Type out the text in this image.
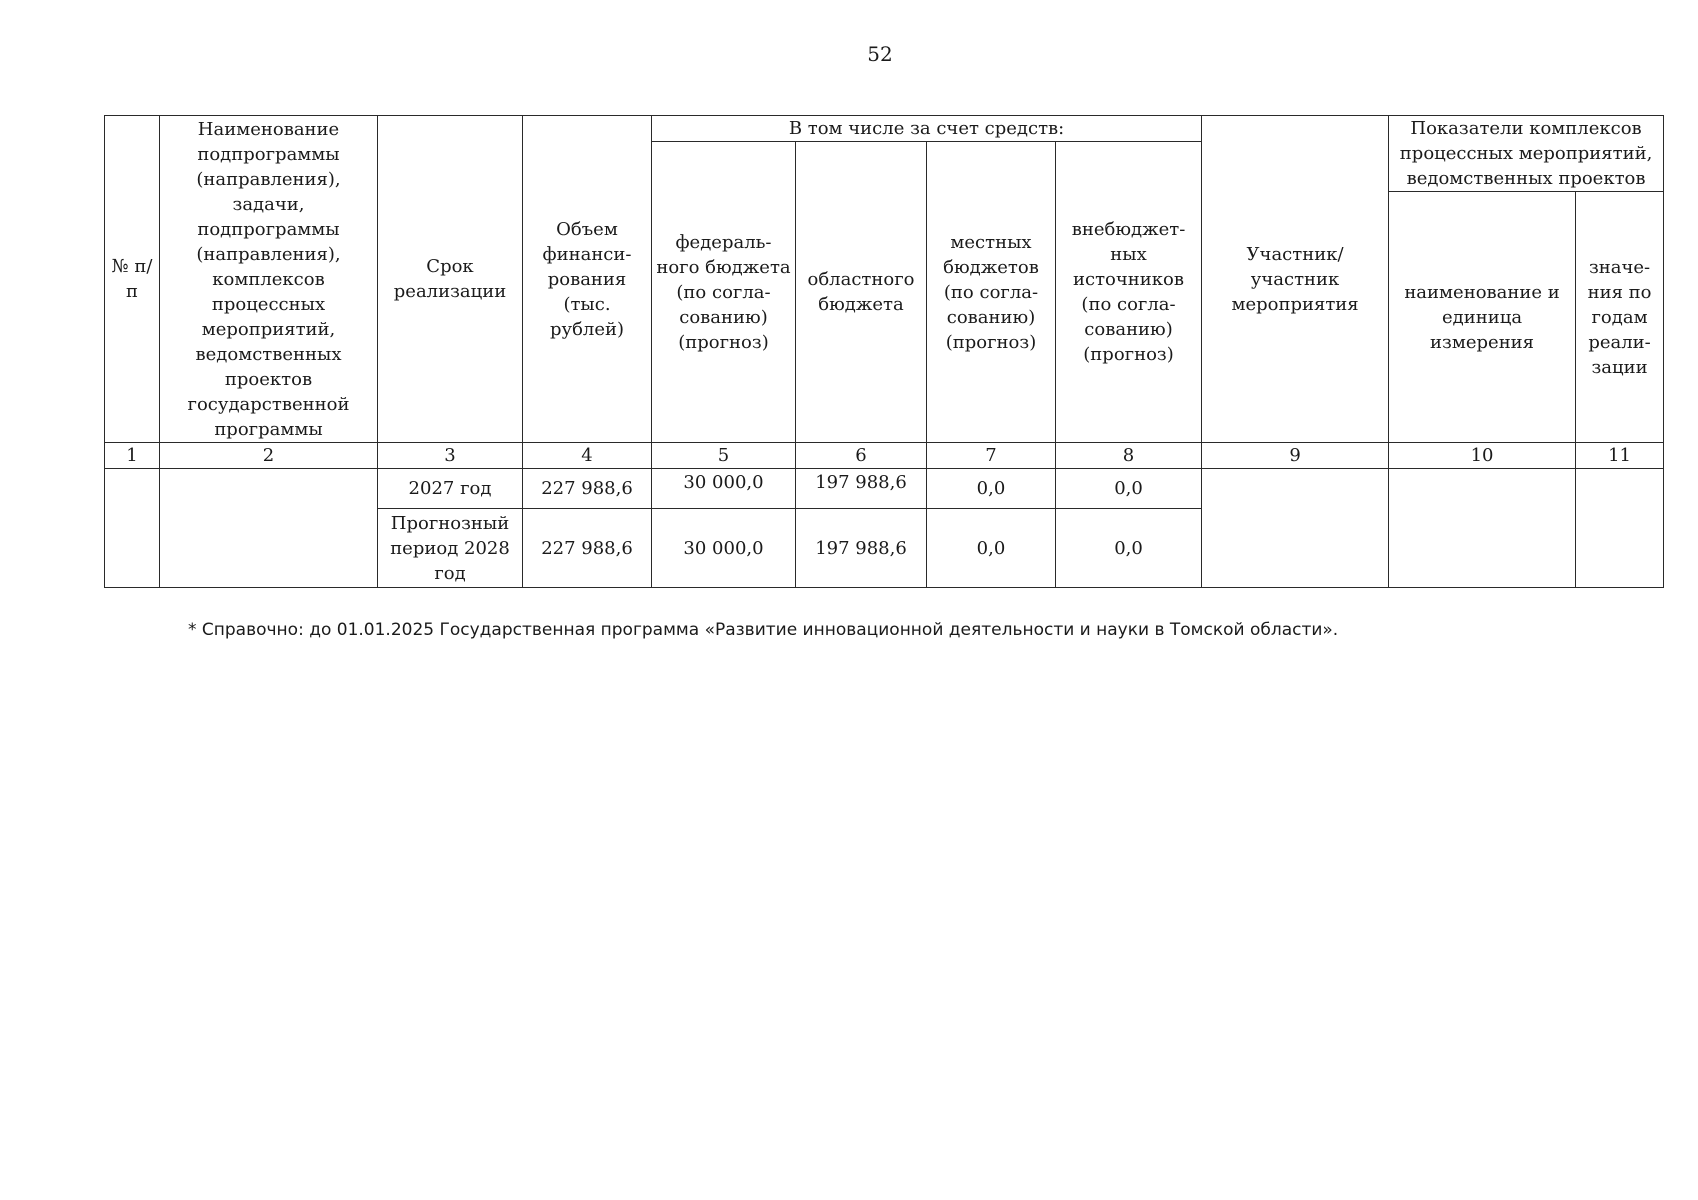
52
№ п/п	Наименование подпрограммы (направления), задачи, подпрограммы (направления), комплексов процессных мероприятий, ведомственных проектов государственной программы	Срок реализации	Объем финанси-рования (тыс. рублей)	В том числе за счет средств:				Участник/ участник мероприятия	Показатели комплексов процессных мероприятий, ведомственных проектов	
				федераль-ного бюджета (по согла-сованию) (прогноз)	областного бюджета	местных бюджетов (по согла-сованию) (прогноз)	внебюджет-ных источников (по согла-сованию) (прогноз)			
									наименование и единица измерения	значе-ния по годам реали-зации
1	2	3	4	5	6	7	8	9	10	11
		2027 год	227 988,6	30 000,0	197 988,6	0,0	0,0			
		Прогнозный период 2028 год	227 988,6	30 000,0	197 988,6	0,0	0,0			
* Справочно: до 01.01.2025 Государственная программа «Развитие инновационной деятельности и науки в Томской области».
